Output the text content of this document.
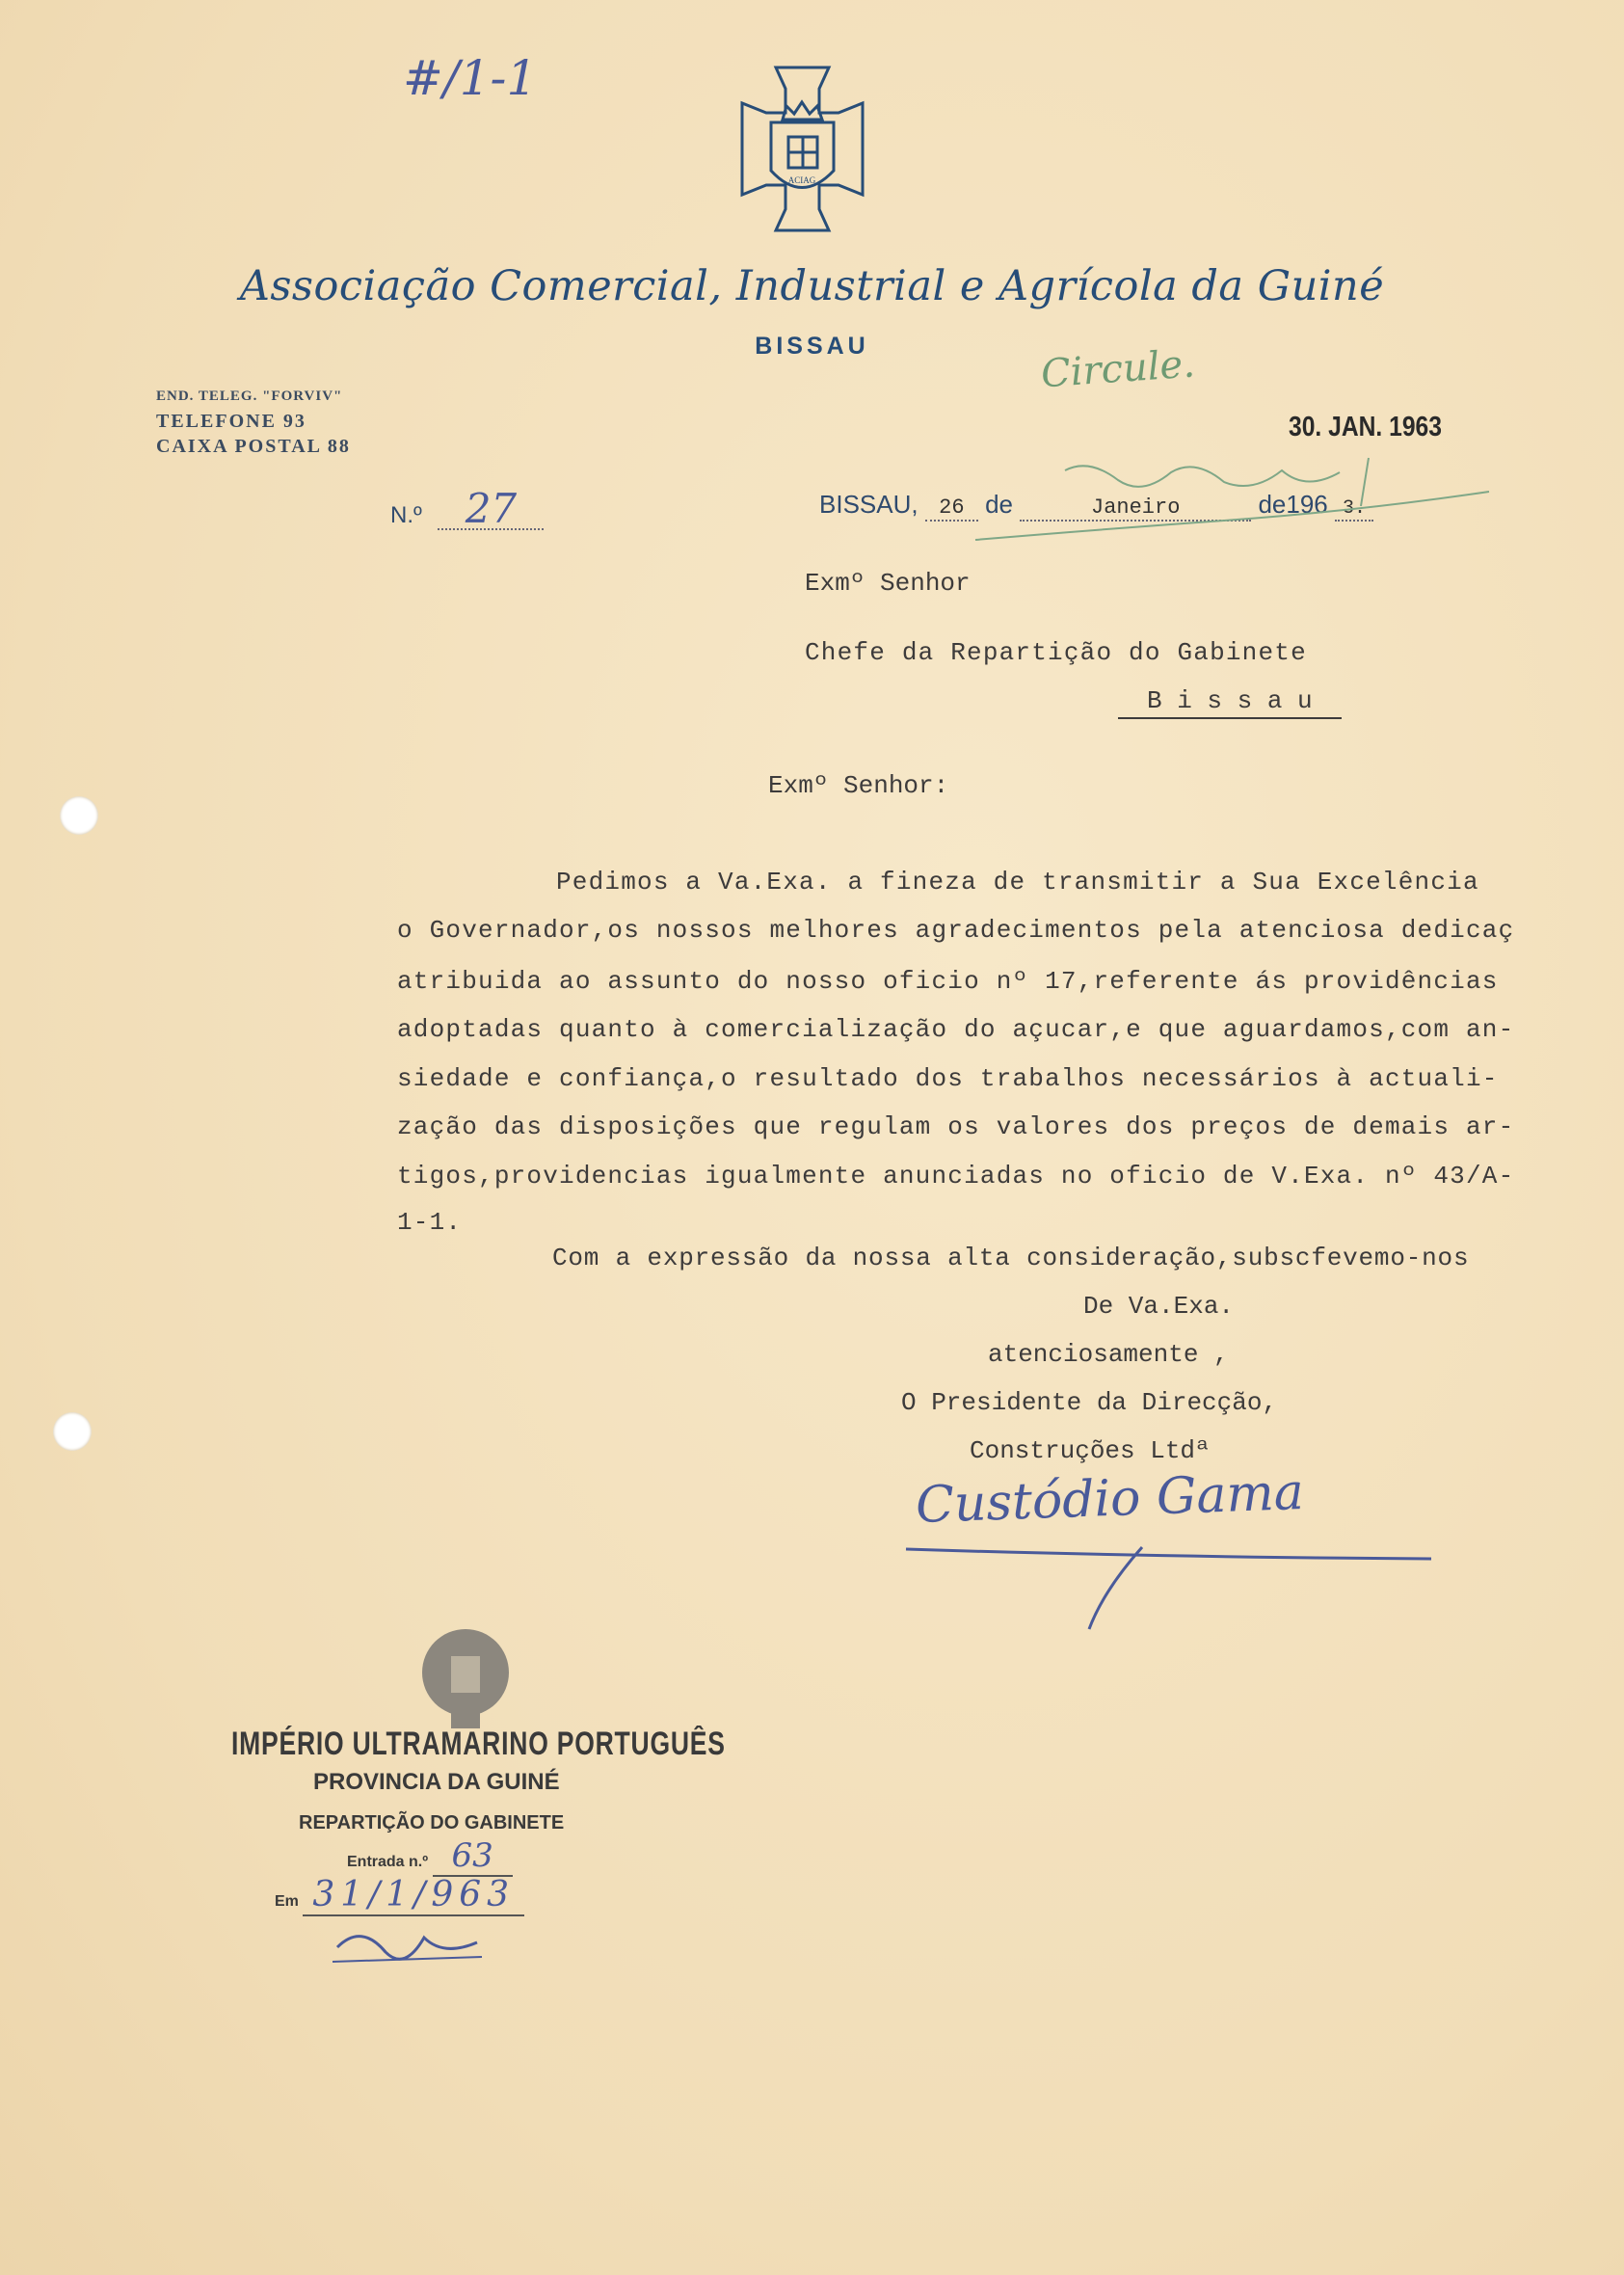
#/1-1
ACIAG
Associação Comercial, Industrial e Agrícola da Guiné
BISSAU
END. TELEG. "FORVIV"
TELEFONE 93
CAIXA POSTAL 88
Circule.
30. JAN. 1963
N.º 27	BISSAU, 26 de	Janeiro	de196 3.
Exmº Senhor
Chefe da Repartição do Gabinete
B i s s a u
Exmº Senhor:
Pedimos a Va.Exa. a fineza de transmitir a Sua Excelência
o Governador,os nossos melhores agradecimentos pela atenciosa dedicaç
atribuida ao assunto do nosso oficio nº 17,referente ás providências
adoptadas quanto à comercialização do açucar,e que aguardamos,com an-
siedade e confiança,o resultado dos trabalhos necessários à actuali-
zação das disposições que regulam os valores dos preços de demais ar-
tigos,providencias igualmente anunciadas no oficio de V.Exa. nº 43/A-
1-1.
Com a expressão da nossa alta consideração,subscfevemo-nos
De Va.Exa.
atenciosamente ,
O Presidente da Direcção,
Construções Ltdª
Custódio Gama
IMPÉRIO ULTRAMARINO PORTUGUÊS
PROVINCIA DA GUINÉ
REPARTIÇÃO DO GABINETE
Entrada n.º 63
Em 31/1/963
